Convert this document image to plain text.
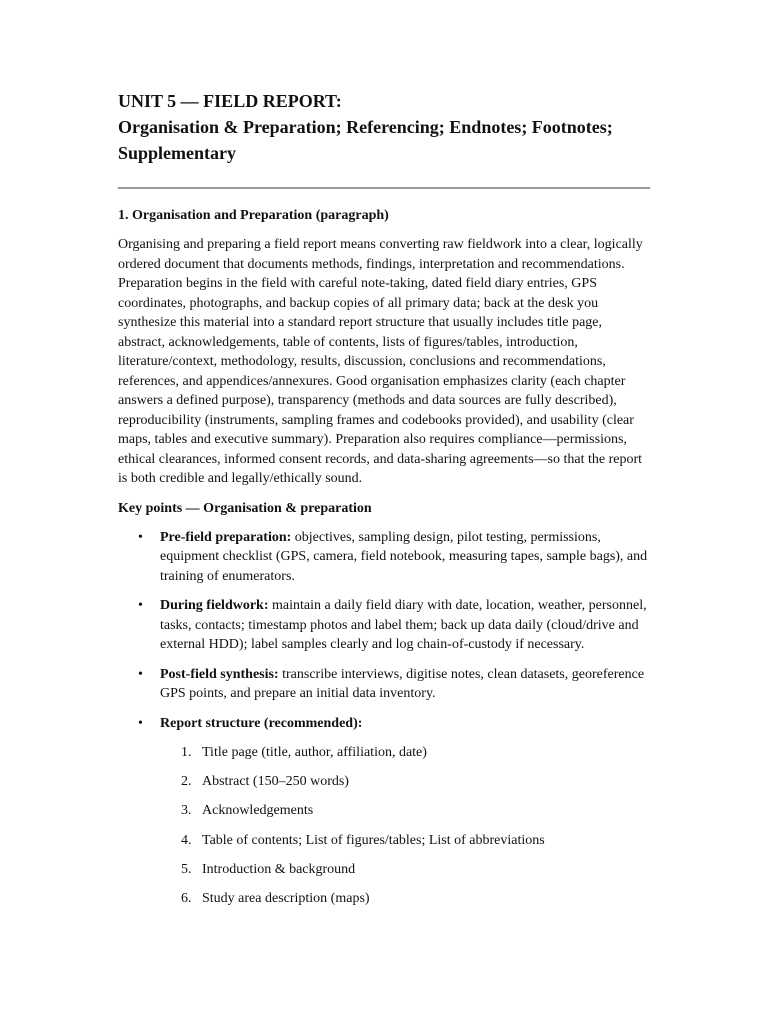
UNIT 5 — FIELD REPORT:
Organisation & Preparation; Referencing; Endnotes; Footnotes;
Supplementary
1. Organisation and Preparation (paragraph)

Organising and preparing a field report means converting raw fieldwork into a clear, logically ordered document that documents methods, findings, interpretation and recommendations. Preparation begins in the field with careful note-taking, dated field diary entries, GPS coordinates, photographs, and backup copies of all primary data; back at the desk you synthesize this material into a standard report structure that usually includes title page, abstract, acknowledgements, table of contents, lists of figures/tables, introduction, literature/context, methodology, results, discussion, conclusions and recommendations, references, and appendices/annexures. Good organisation emphasizes clarity (each chapter answers a defined purpose), transparency (methods and data sources are fully described), reproducibility (instruments, sampling frames and codebooks provided), and usability (clear maps, tables and executive summary). Preparation also requires compliance—permissions, ethical clearances, informed consent records, and data-sharing agreements—so that the report is both credible and legally/ethically sound.

Key points — Organisation & preparation

• Pre-field preparation: objectives, sampling design, pilot testing, permissions, equipment checklist (GPS, camera, field notebook, measuring tapes, sample bags), and training of enumerators.
• During fieldwork: maintain a daily field diary with date, location, weather, personnel, tasks, contacts; timestamp photos and label them; back up data daily (cloud/drive and external HDD); label samples clearly and log chain-of-custody if necessary.
• Post-field synthesis: transcribe interviews, digitise notes, clean datasets, georeference GPS points, and prepare an initial data inventory.
• Report structure (recommended):
1. Title page (title, author, affiliation, date)
2. Abstract (150–250 words)
3. Acknowledgements
4. Table of contents; List of figures/tables; List of abbreviations
5. Introduction & background
6. Study area description (maps)
